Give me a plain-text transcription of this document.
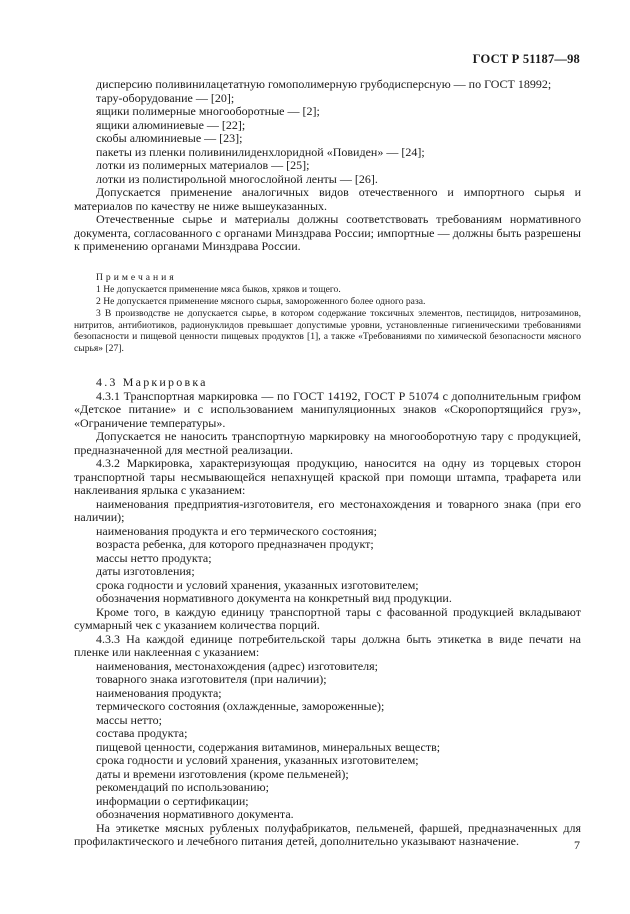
ГОСТ Р 51187—98

дисперсию поливинилацетатную гомополимерную грубодисперсную — по ГОСТ 18992;

тару-оборудование — [20];

ящики полимерные многооборотные — [2];

ящики алюминиевые — [22];

скобы алюминиевые — [23];

пакеты из пленки поливинилиденхлоридной «Повиден» — [24];

лотки из полимерных материалов — [25];

лотки из полистирольной многослойной ленты — [26].

Допускается применение аналогичных видов отечественного и импортного сырья и материалов по качеству не ниже вышеуказанных.

Отечественные сырье и материалы должны соответствовать требованиям нормативного документа, согласованного с органами Минздрава России; импортные — должны быть разрешены к применению органами Минздрава России.

Примечания

1 Не допускается применение мяса быков, хряков и тощего.

2 Не допускается применение мясного сырья, замороженного более одного раза.

3 В производстве не допускается сырье, в котором содержание токсичных элементов, пестицидов, нитрозаминов, нитритов, антибиотиков, радионуклидов превышает допустимые уровни, установленные гигиеническими требованиями безопасности и пищевой ценности пищевых продуктов [1], а также «Требованиями по химической безопасности мясного сырья» [27].

4.3 Маркировка

4.3.1 Транспортная маркировка — по ГОСТ 14192, ГОСТ Р 51074 с дополнительным грифом «Детское питание» и с использованием манипуляционных знаков «Скоропортящийся груз», «Ограничение температуры».

Допускается не наносить транспортную маркировку на многооборотную тару с продукцией, предназначенной для местной реализации.

4.3.2 Маркировка, характеризующая продукцию, наносится на одну из торцевых сторон транспортной тары несмывающейся непахнущей краской при помощи штампа, трафарета или наклеивания ярлыка с указанием:

наименования предприятия-изготовителя, его местонахождения и товарного знака (при его наличии);

наименования продукта и его термического состояния;

возраста ребенка, для которого предназначен продукт;

массы нетто продукта;

даты изготовления;

срока годности и условий хранения, указанных изготовителем;

обозначения нормативного документа на конкретный вид продукции.

Кроме того, в каждую единицу транспортной тары с фасованной продукцией вкладывают суммарный чек с указанием количества порций.

4.3.3 На каждой единице потребительской тары должна быть этикетка в виде печати на пленке или наклеенная с указанием:

наименования, местонахождения (адрес) изготовителя;

товарного знака изготовителя (при наличии);

наименования продукта;

термического состояния (охлажденные, замороженные);

массы нетто;

состава продукта;

пищевой ценности, содержания витаминов, минеральных веществ;

срока годности и условий хранения, указанных изготовителем;

даты и времени изготовления (кроме пельменей);

рекомендаций по использованию;

информации о сертификации;

обозначения нормативного документа.

На этикетке мясных рубленых полуфабрикатов, пельменей, фаршей, предназначенных для профилактического и лечебного питания детей, дополнительно указывают назначение.	7
